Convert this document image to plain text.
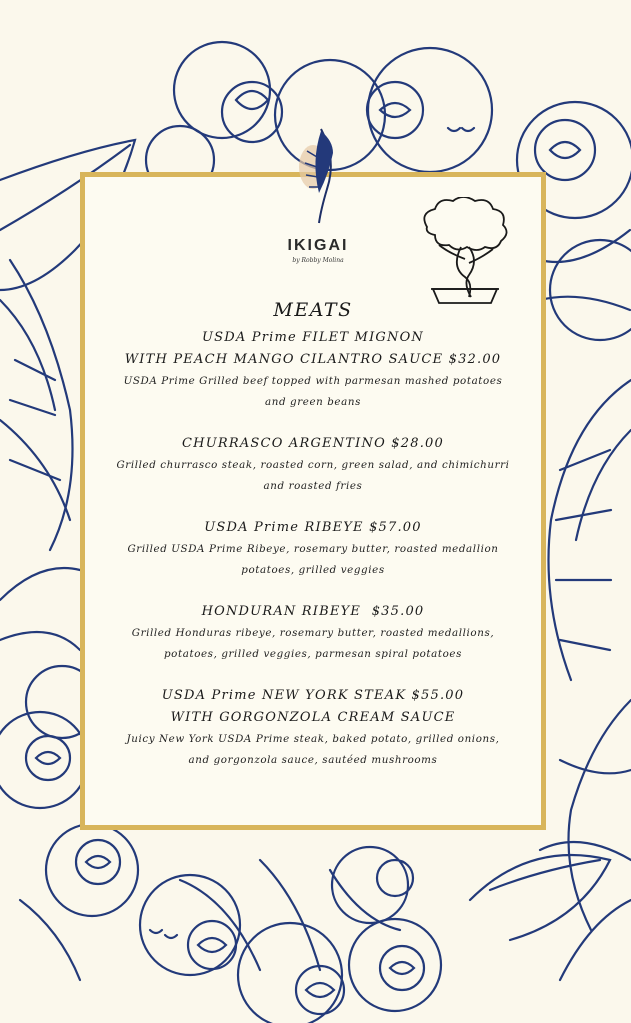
IKIGAI
by Robby Molina
MEATS
USDA Prime FILET MIGNON
WITH PEACH MANGO CILANTRO SAUCE $32.00
USDA Prime Grilled beef topped with parmesan mashed potatoes
and green beans
CHURRASCO ARGENTINO $28.00
Grilled churrasco steak, roasted corn, green salad, and chimichurri
and roasted fries
USDA Prime RIBEYE $57.00
Grilled USDA Prime Ribeye, rosemary butter, roasted medallion
potatoes, grilled veggies
HONDURAN RIBEYE  $35.00
Grilled Honduras ribeye, rosemary butter, roasted medallions,
potatoes, grilled veggies, parmesan spiral potatoes
USDA Prime NEW YORK STEAK $55.00
WITH GORGONZOLA CREAM SAUCE
Juicy New York USDA Prime steak, baked potato, grilled onions,
and gorgonzola sauce, sautéed mushrooms
